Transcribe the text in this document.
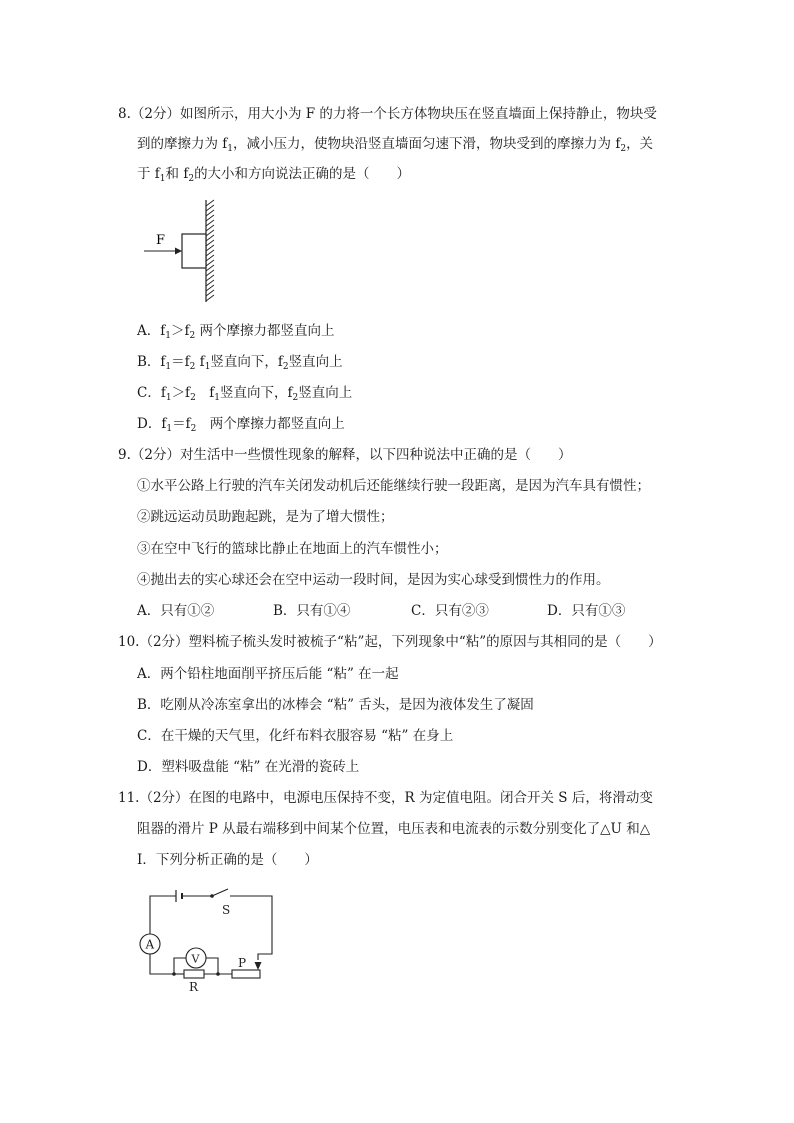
8.（2分）如图所示，用大小为 F 的力将一个长方体物块压在竖直墙面上保持静止，物块受
到的摩擦力为 $f_1$，减小压力，使物块沿竖直墙面匀速下滑，物块受到的摩擦力为 $f_2$，关
于 $f_1$和 $f_2$的大小和方向说法正确的是（　　）
F
A．$f_1>f_2$ 两个摩擦力都竖直向上
B．$f_1=f_2$ $f_1$竖直向下，$f_2$竖直向上
C．$f_1>f_2$　$f_1$竖直向下，$f_2$竖直向上
D．$f_1=f_2$　两个摩擦力都竖直向上
9.（2分）对生活中一些惯性现象的解释，以下四种说法中正确的是（　　）
①水平公路上行驶的汽车关闭发动机后还能继续行驶一段距离，是因为汽车具有惯性；
②跳远运动员助跑起跳，是为了增大惯性；
③在空中飞行的篮球比静止在地面上的汽车惯性小；
④抛出去的实心球还会在空中运动一段时间，是因为实心球受到惯性力的作用。
A．只有①②	B．只有①④	C．只有②③	D．只有①③
10.（2分）塑料梳子梳头发时被梳子“粘”起，下列现象中“粘”的原因与其相同的是（　　）
A．两个铅柱地面削平挤压后能 “粘” 在一起
B．吃刚从冷冻室拿出的冰棒会 “粘” 舌头，是因为液体发生了凝固
C．在干燥的天气里，化纤布料衣服容易 “粘” 在身上
D．塑料吸盘能 “粘” 在光滑的瓷砖上
11.（2分）在图的电路中，电源电压保持不变，R 为定值电阻。闭合开关 S 后，将滑动变
阻器的滑片 P 从最右端移到中间某个位置，电压表和电流表的示数分别变化了△U 和△
I．下列分析正确的是（　　）
S
A
V
R
P
